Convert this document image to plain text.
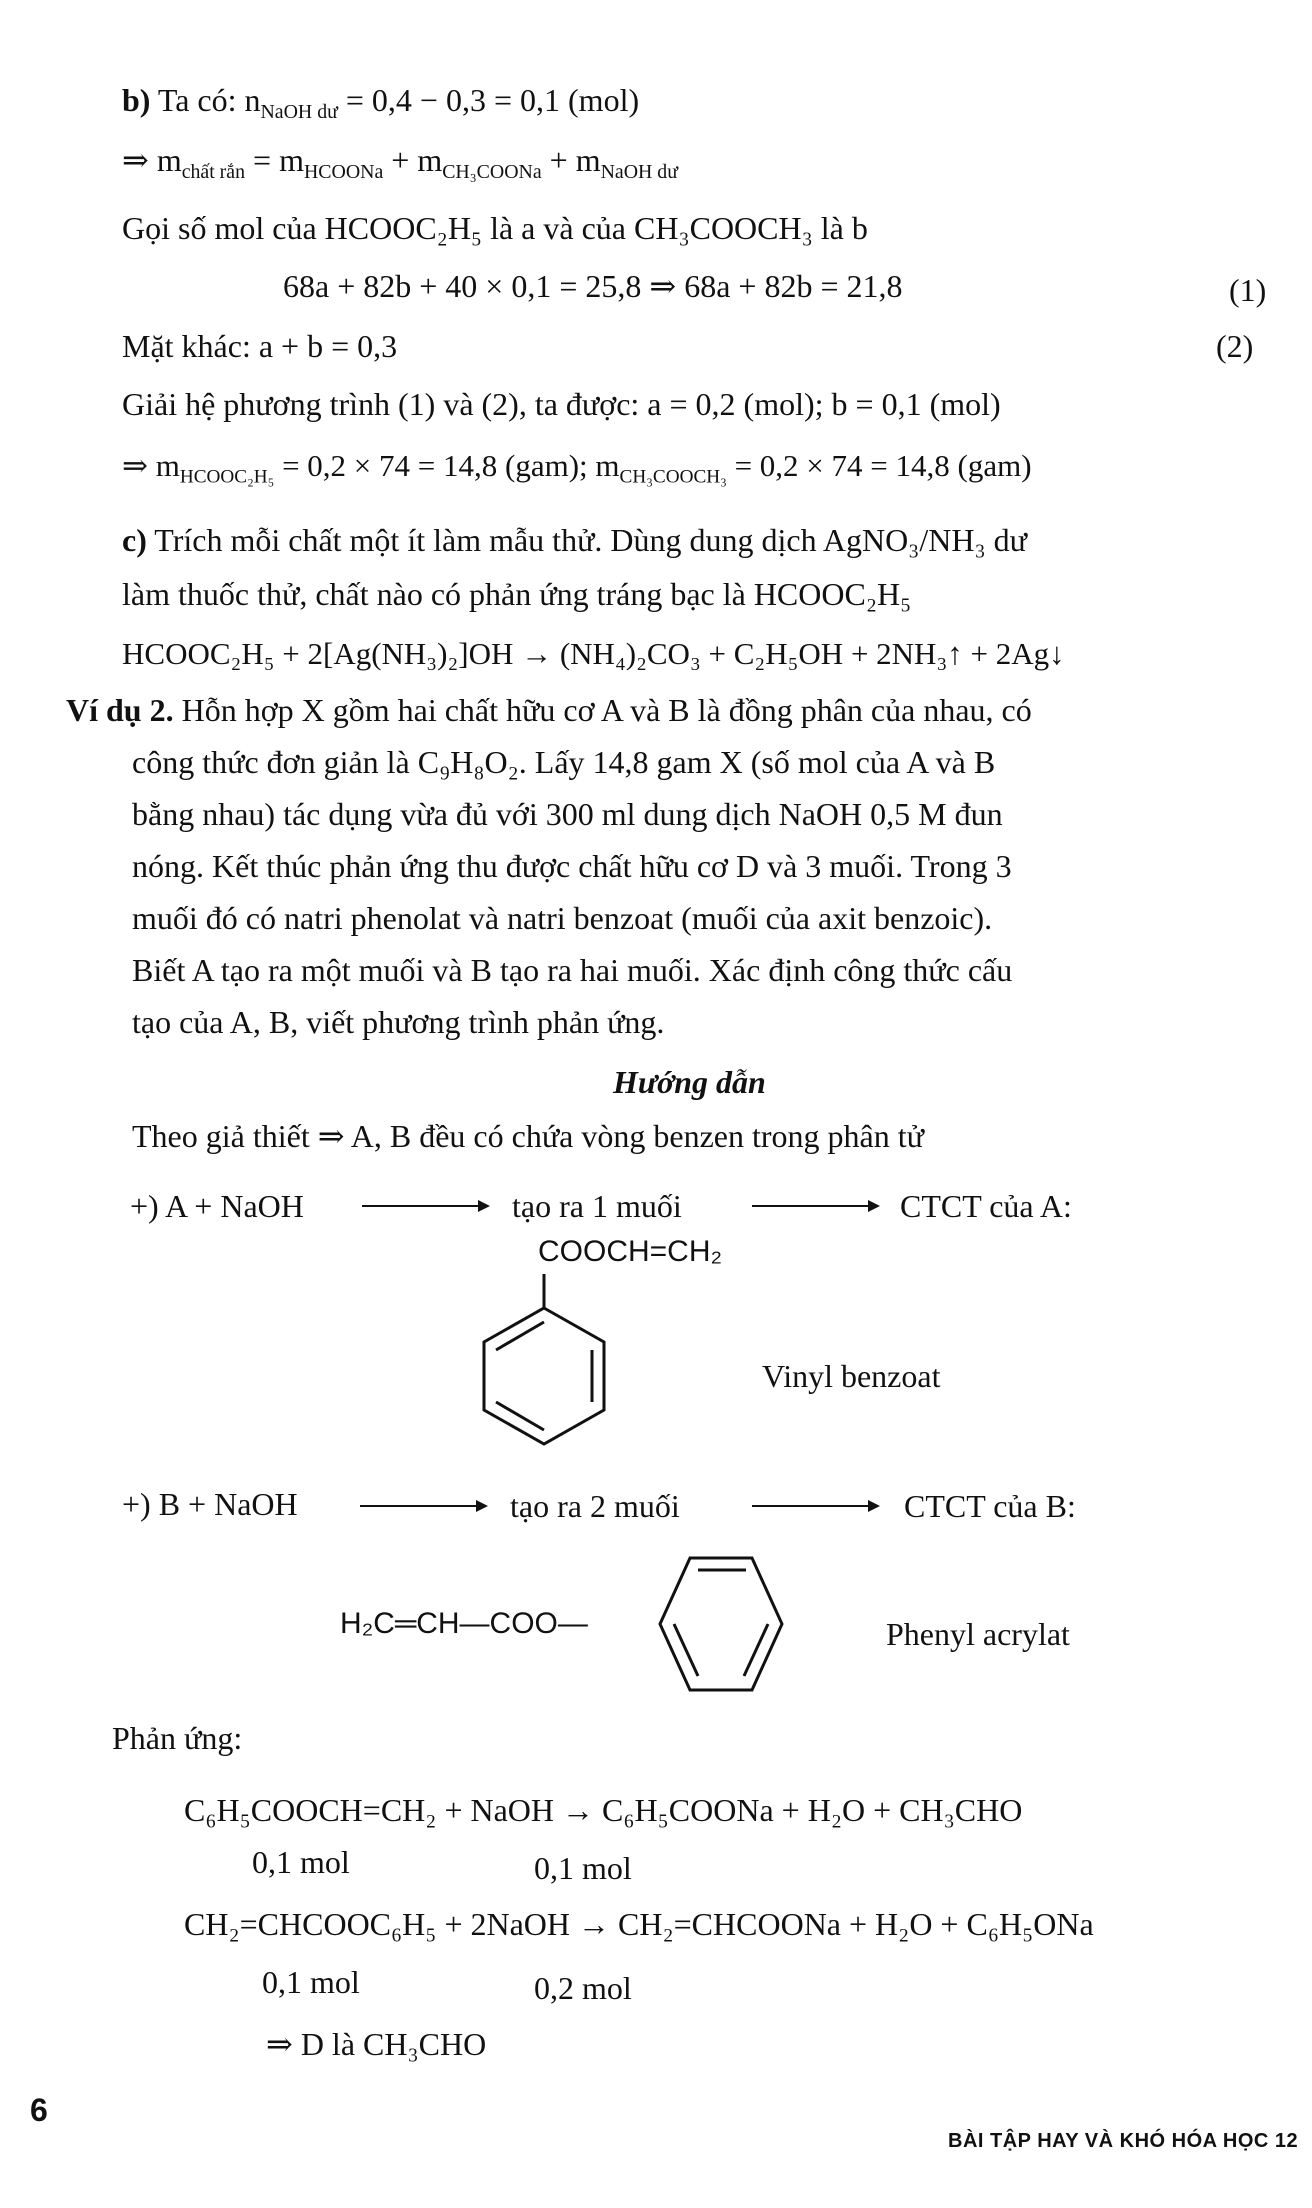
b) Ta có: $n_{NaOH dư} = 0,4 - 0,3 = 0,1$ (mol)
⇒ $m_{chất rắn} = m_{HCOONa} + m_{CH_3COONa} + m_{NaOH dư}$
Gọi số mol của HCOOC₂H₅ là a và của CH₃COOCH₃ là b
68a + 82b + 40 × 0,1 = 25,8 ⇒ 68a + 82b = 21,8	(1)
Mặt khác: a + b = 0,3	(2)
Giải hệ phương trình (1) và (2), ta được: a = 0,2 (mol); b = 0,1 (mol)
⇒ $m_{HCOOC_2H_5} = 0,2 \times 74 = 14,8$ (gam); $m_{CH_3COOCH_3} = 0,2 \times 74 = 14,8$ (gam)
c) Trích mỗi chất một ít làm mẫu thử. Dùng dung dịch AgNO₃/NH₃ dư
làm thuốc thử, chất nào có phản ứng tráng bạc là HCOOC₂H₅
HCOOC₂H₅ + 2[Ag(NH₃)₂]OH → (NH₄)₂CO₃ + C₂H₅OH + 2NH₃↑ + 2Ag↓
Ví dụ 2. Hỗn hợp X gồm hai chất hữu cơ A và B là đồng phân của nhau, có
công thức đơn giản là C₉H₈O₂. Lấy 14,8 gam X (số mol của A và B
bằng nhau) tác dụng vừa đủ với 300 ml dung dịch NaOH 0,5 M đun
nóng. Kết thúc phản ứng thu được chất hữu cơ D và 3 muối. Trong 3
muối đó có natri phenolat và natri benzoat (muối của axit benzoic).
Biết A tạo ra một muối và B tạo ra hai muối. Xác định công thức cấu
tạo của A, B, viết phương trình phản ứng.
Hướng dẫn
Theo giả thiết ⇒ A, B đều có chứa vòng benzen trong phân tử
+) A + NaOH	tạo ra 1 muối	CTCT của A:
COOCH=CH₂
Vinyl benzoat
+) B + NaOH	tạo ra 2 muối	CTCT của B:
H₂C═CH—COO—	Phenyl acrylat
Phản ứng:
C₆H₅COOCH=CH₂ + NaOH → C₆H₅COONa + H₂O + CH₃CHO
0,1 mol	0,1 mol
CH₂=CHCOOC₆H₅ + 2NaOH → CH₂=CHCOONa + H₂O + C₆H₅ONa
0,1 mol	0,2 mol
⇒ D là CH₃CHO
6
BÀI TẬP HAY VÀ KHÓ HÓA HỌC 12
